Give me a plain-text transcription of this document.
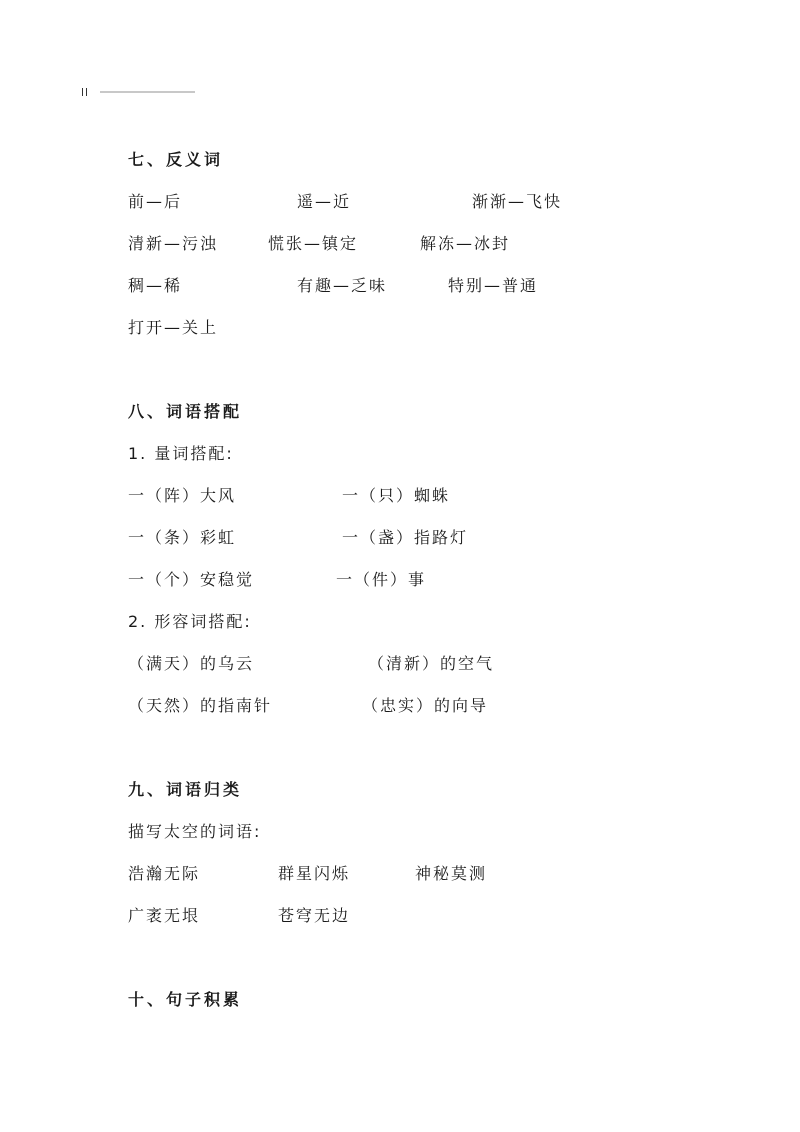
七、反义词
前—后	遥—近	渐渐—飞快
清新—污浊	慌张—镇定	解冻—冰封
稠—稀	有趣—乏味	特别—普通
打开—关上
八、词语搭配
1. 量词搭配:
一（阵）大风	一（只）蜘蛛
一（条）彩虹	一（盏）指路灯
一（个）安稳觉	一（件）事
2. 形容词搭配:
（满天）的乌云	（清新）的空气
（天然）的指南针	（忠实）的向导
九、词语归类
描写太空的词语:
浩瀚无际	群星闪烁	神秘莫测
广袤无垠	苍穹无边
十、句子积累
